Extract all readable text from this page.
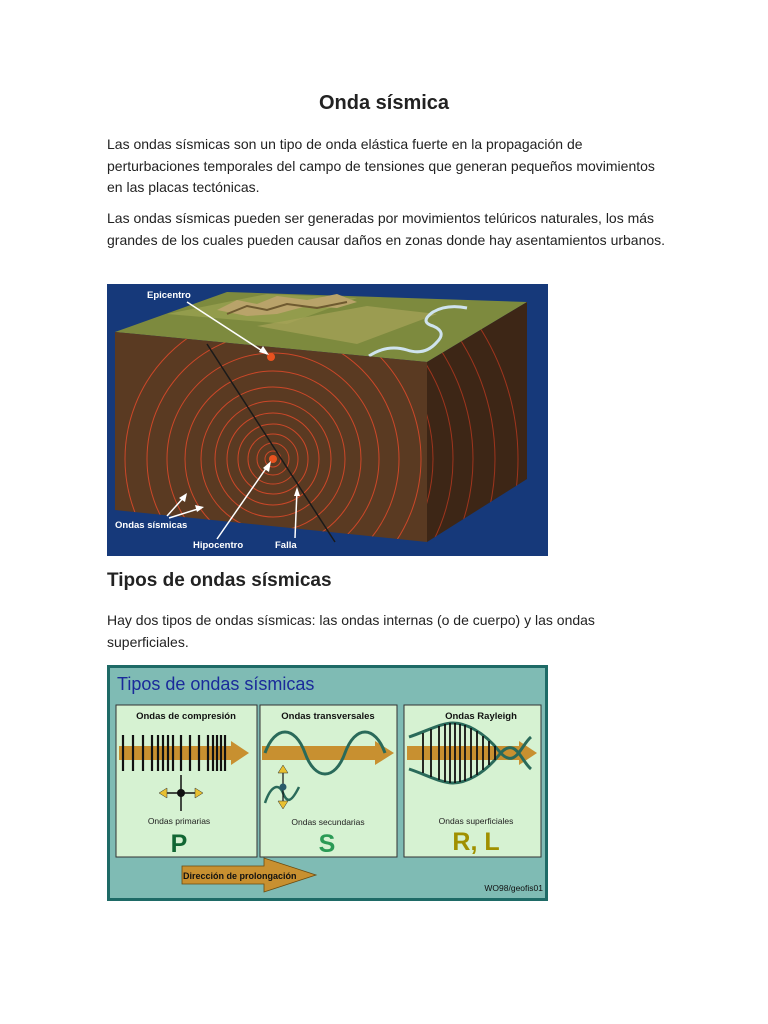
Onda sísmica

Las ondas sísmicas son un tipo de onda elástica fuerte en la propagación de perturbaciones temporales del campo de tensiones que generan pequeños movimientos en las placas tectónicas.

Las ondas sísmicas pueden ser generadas por movimientos telúricos naturales, los más grandes de los cuales pueden causar daños en zonas donde hay asentamientos urbanos.

Epicentro
Ondas sísmicas
Hipocentro	Falla
Tipos de ondas sísmicas

Hay dos tipos de ondas sísmicas: las ondas internas (o de cuerpo) y las ondas superficiales.

Tipos de ondas sísmicas
Ondas de compresión
Ondas primarias
P
Ondas transversales
Ondas secundarias
S
Ondas Rayleigh
Ondas superficiales
R, L
Dirección de prolongación
WO98/geofis01
